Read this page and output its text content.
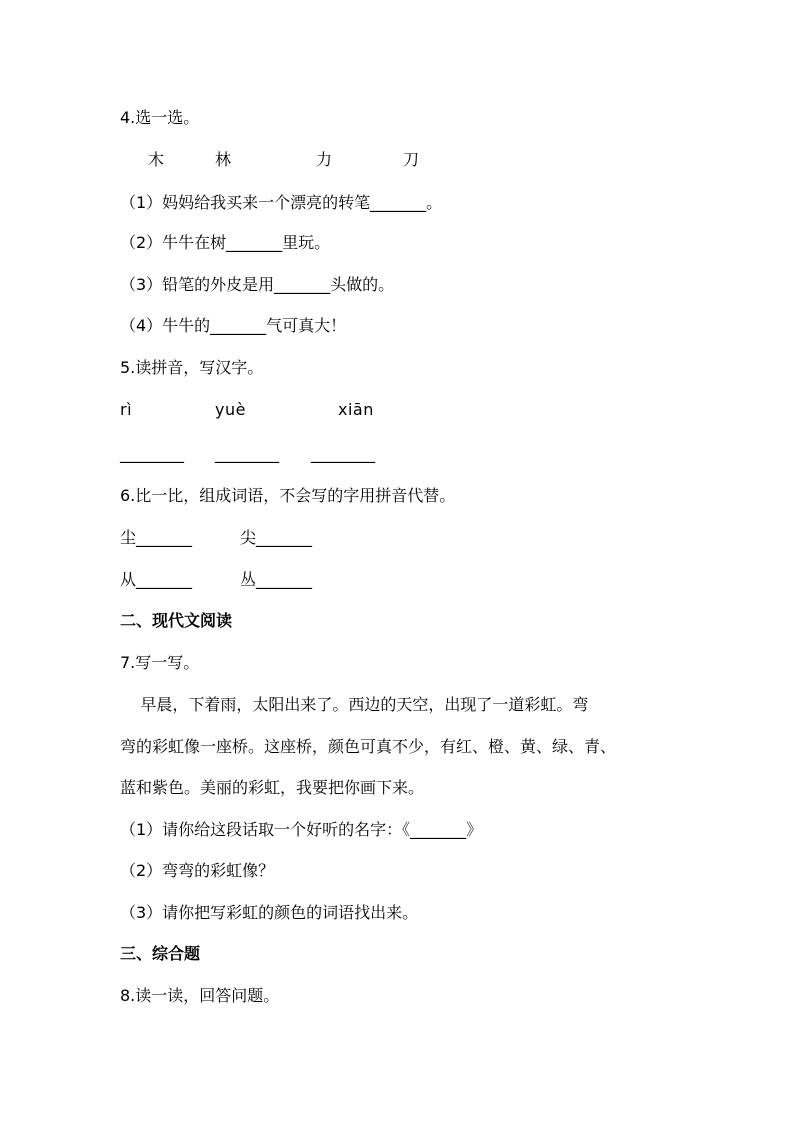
4.选一选。
木	林	力	刀
（1）妈妈给我买来一个漂亮的转笔_______。
（2）牛牛在树_______里玩。
（3）铅笔的外皮是用_______头做的。
（4）牛牛的_______气可真大！
5.读拼音，写汉字。
rì	yuè	xiān
________ ________ ________
6.比一比，组成词语，不会写的字用拼音代替。
尘_______	尖_______
从_______	丛_______
二、现代文阅读
7.写一写。
早晨，下着雨，太阳出来了。西边的天空，出现了一道彩虹。弯
弯的彩虹像一座桥。这座桥，颜色可真不少，有红、橙、黄、绿、青、
蓝和紫色。美丽的彩虹，我要把你画下来。
（1）请你给这段话取一个好听的名字：《_______》
（2）弯弯的彩虹像？
（3）请你把写彩虹的颜色的词语找出来。
三、综合题
8.读一读，回答问题。
